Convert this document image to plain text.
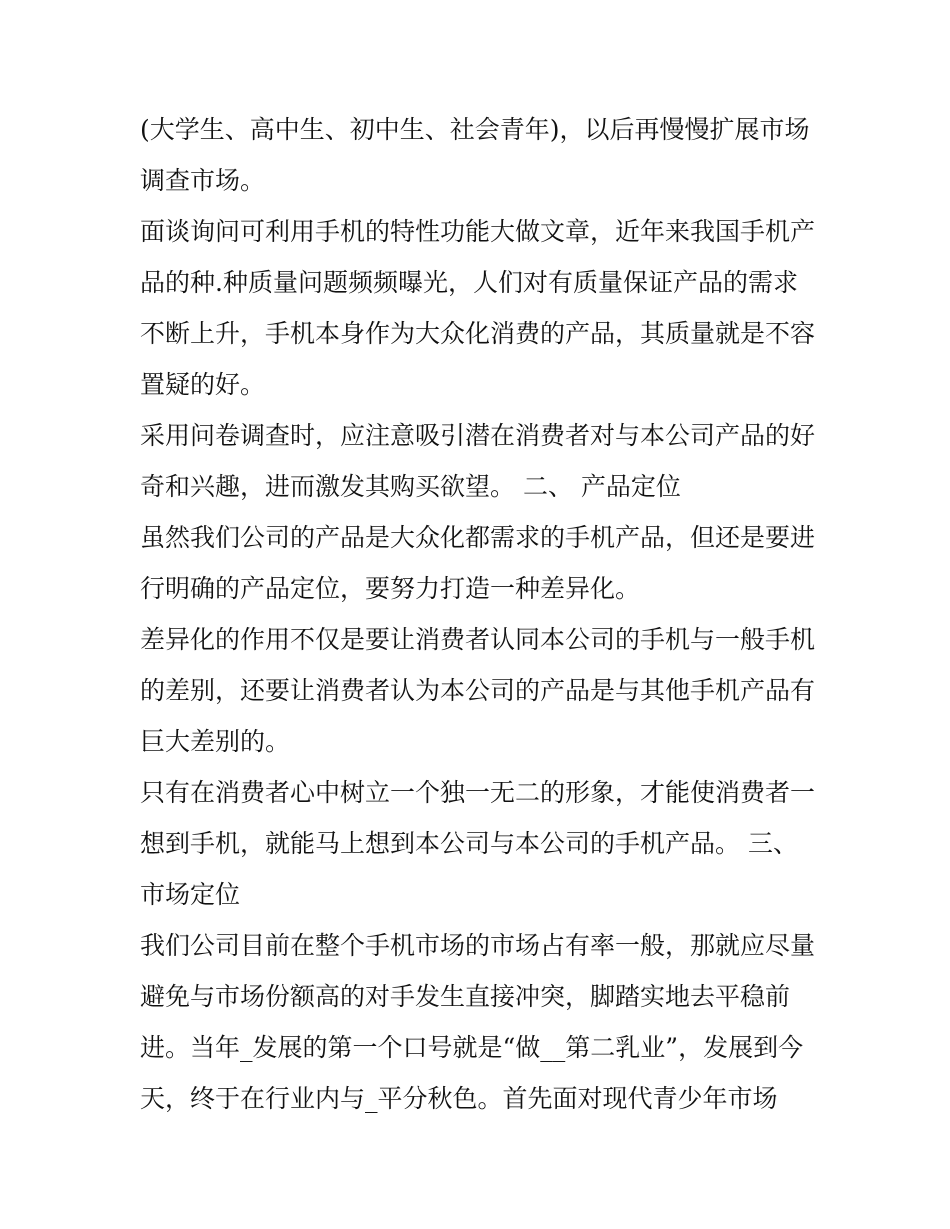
(大学生、高中生、初中生、社会青年)，以后再慢慢扩展市场
调查市场。
面谈询问可利用手机的特性功能大做文章，近年来我国手机产
品的种.种质量问题频频曝光，人们对有质量保证产品的需求
不断上升，手机本身作为大众化消费的产品，其质量就是不容
置疑的好。
采用问卷调查时，应注意吸引潜在消费者对与本公司产品的好
奇和兴趣，进而激发其购买欲望。 二、 产品定位
虽然我们公司的产品是大众化都需求的手机产品，但还是要进
行明确的产品定位，要努力打造一种差异化。
差异化的作用不仅是要让消费者认同本公司的手机与一般手机
的差别，还要让消费者认为本公司的产品是与其他手机产品有
巨大差别的。
只有在消费者心中树立一个独一无二的形象，才能使消费者一
想到手机，就能马上想到本公司与本公司的手机产品。 三、
市场定位
我们公司目前在整个手机市场的市场占有率一般，那就应尽量
避免与市场份额高的对手发生直接冲突，脚踏实地去平稳前
进。当年_发展的第一个口号就是“做__第二乳业”，发展到今
天，终于在行业内与_平分秋色。首先面对现代青少年市场
